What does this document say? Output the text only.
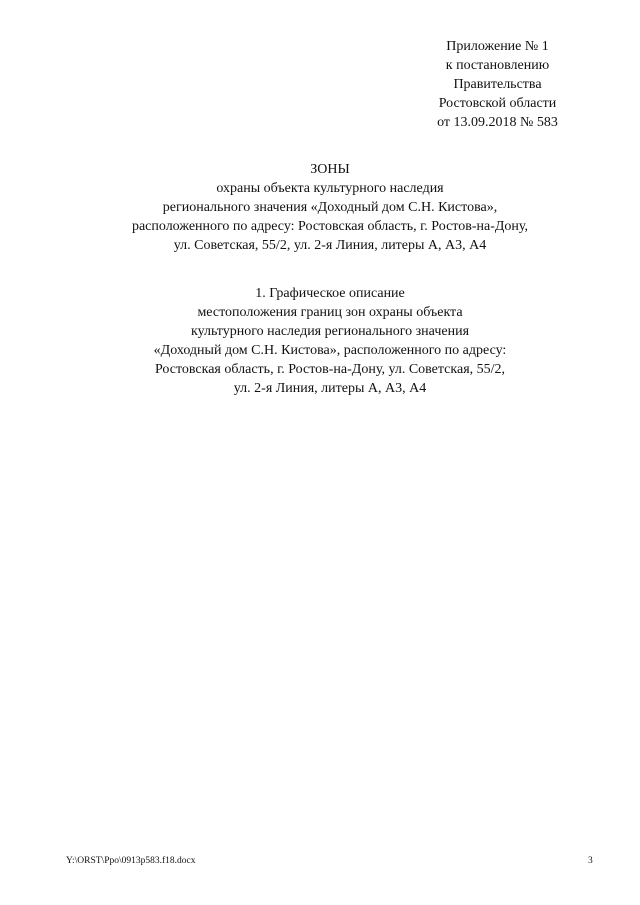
Приложение № 1
к постановлению
Правительства
Ростовской области
от 13.09.2018 № 583
ЗОНЫ
охраны объекта культурного наследия
регионального значения «Доходный дом С.Н. Кистова»,
расположенного по адресу: Ростовская область, г. Ростов-на-Дону,
ул. Советская, 55/2, ул. 2-я Линия, литеры А, А3, А4
1. Графическое описание
местоположения границ зон охраны объекта
культурного наследия регионального значения
«Доходный дом С.Н. Кистова», расположенного по адресу:
Ростовская область, г. Ростов-на-Дону, ул. Советская, 55/2,
ул. 2-я Линия, литеры А, А3, А4
Y:\ORST\Ppo\0913p583.f18.docx	3
